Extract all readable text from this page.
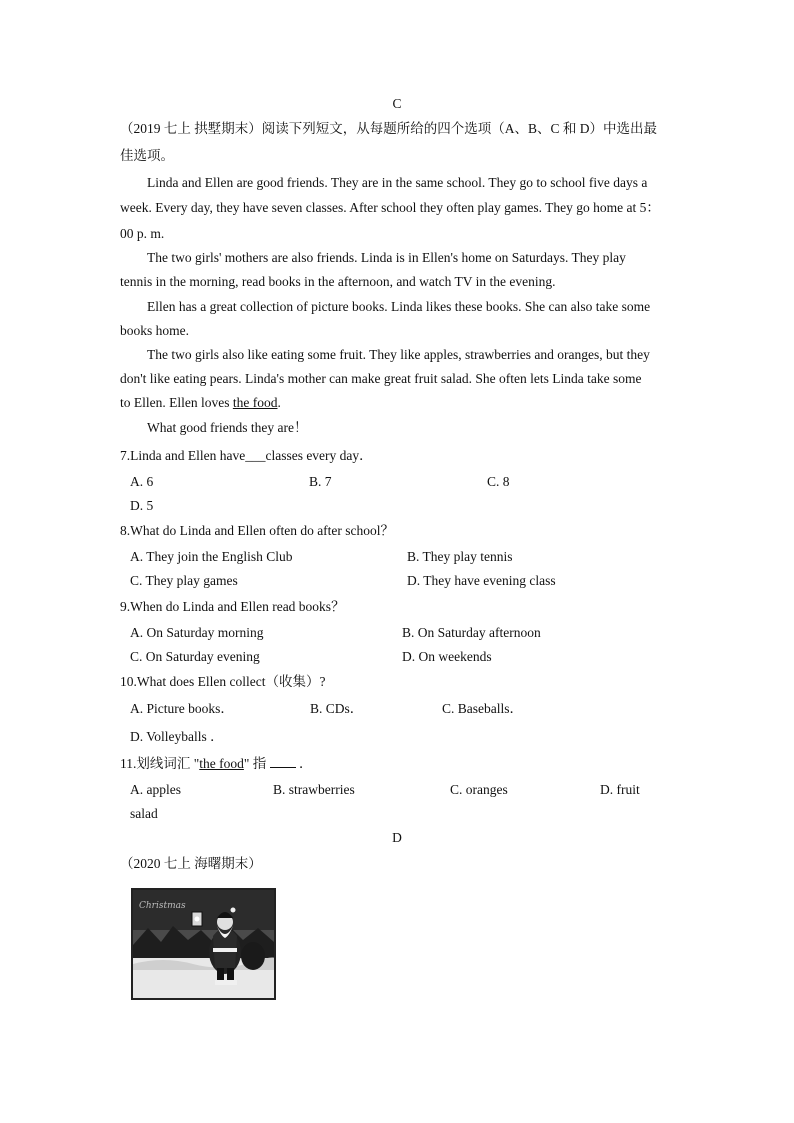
C
（2019 七上 拱墅期末）阅读下列短文，从每题所给的四个选项（A、B、C 和 D）中选出最
佳选项。
Linda and Ellen are good friends. They are in the same school. They go to school five days a
week. Every day, they have seven classes. After school they often play games. They go home at 5：
00 p. m.
The two girls' mothers are also friends. Linda is in Ellen's home on Saturdays. They play
tennis in the morning, read books in the afternoon, and watch TV in the evening.
Ellen has a great collection of picture books. Linda likes these books. She can also take some
books home.
The two girls also like eating some fruit. They like apples, strawberries and oranges, but they
don't like eating pears. Linda's mother can make great fruit salad. She often lets Linda take some
to Ellen. Ellen loves the food.
What good friends they are！
7.Linda and Ellen have___classes every day．
A. 6	B. 7	C. 8
D. 5
8.What do Linda and Ellen often do after school？
A. They join the English Club	B. They play tennis
C. They play games	D. They have evening class
9.When do Linda and Ellen read books？
A. On Saturday morning	B. On Saturday afternoon
C. On Saturday evening	D. On weekends
10.What does Ellen collect（收集）?
A. Picture books．	B. CDs．	C. Baseballs．
D. Volleyballs ．
11.划线词汇 "the food" 指  ．
A. apples	B. strawberries	C. oranges	D. fruit
salad
D
（2020 七上 海曙期末）
Christmas
